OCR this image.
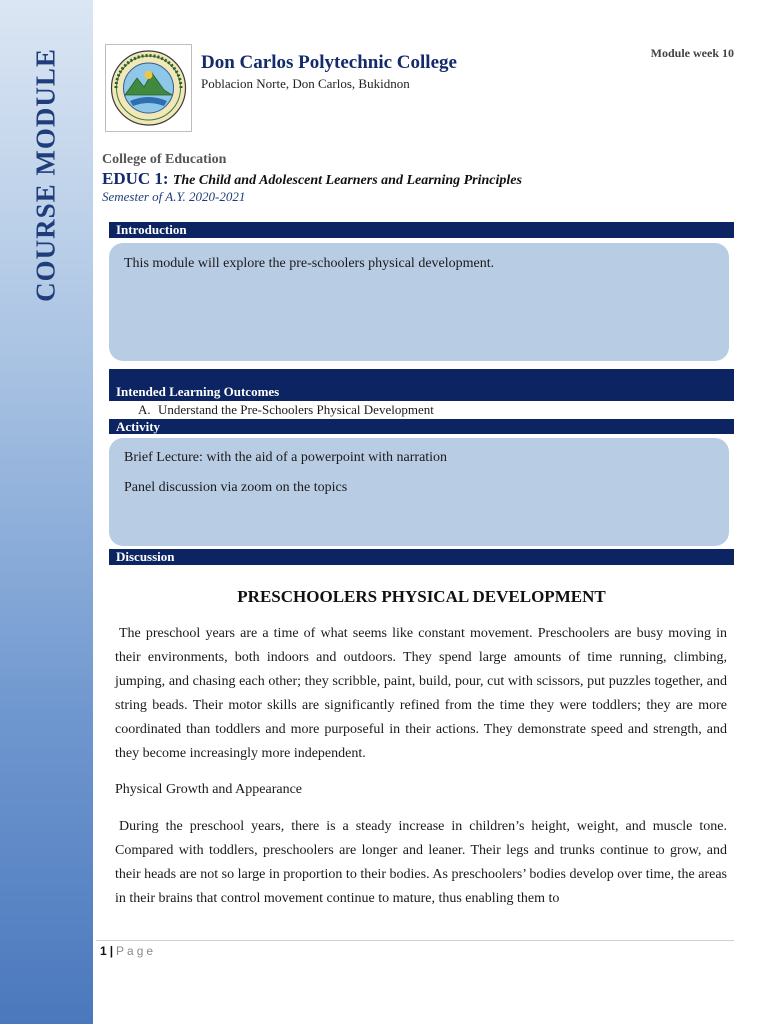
COURSE MODULE	Module week 10
Don Carlos Polytechnic College
Poblacion Norte, Don Carlos, Bukidnon
College of Education
EDUC 1: The Child and Adolescent Learners and Learning Principles
Semester of A.Y. 2020-2021
Introduction

This module will explore the pre-schoolers physical development.

Intended Learning Outcomes
A. Understand the Pre-Schoolers Physical Development
Activity

Brief Lecture: with the aid of a powerpoint with narration

Panel discussion via zoom on the topics

Discussion
PRESCHOOLERS PHYSICAL DEVELOPMENT

The preschool years are a time of what seems like constant movement. Preschoolers are busy moving in their environments, both indoors and outdoors. They spend large amounts of time running, climbing, jumping, and chasing each other; they scribble, paint, build, pour, cut with scissors, put puzzles together, and string beads. Their motor skills are significantly refined from the time they were toddlers; they are more coordinated than toddlers and more purposeful in their actions. They demonstrate speed and strength, and they become increasingly more independent.

Physical Growth and Appearance

During the preschool years, there is a steady increase in children’s height, weight, and muscle tone. Compared with toddlers, preschoolers are longer and leaner. Their legs and trunks continue to grow, and their heads are not so large in proportion to their bodies. As preschoolers’ bodies develop over time, the areas in their brains that control movement continue to mature, thus enabling them to

1 | Page
